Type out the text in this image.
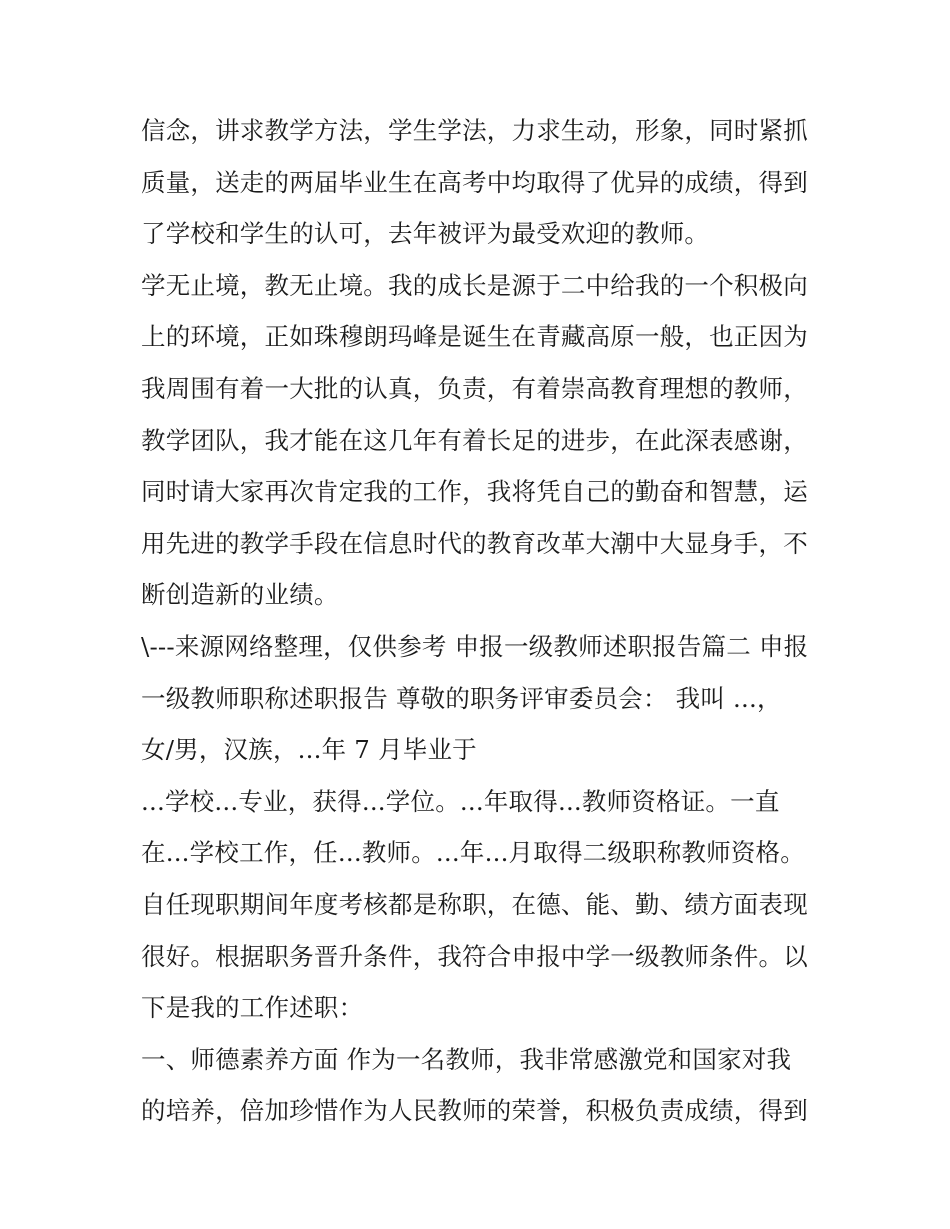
信念，讲求教学方法，学生学法，力求生动，形象，同时紧抓
质量，送走的两届毕业生在高考中均取得了优异的成绩，得到
了学校和学生的认可，去年被评为最受欢迎的教师。
学无止境，教无止境。我的成长是源于二中给我的一个积极向
上的环境，正如珠穆朗玛峰是诞生在青藏高原一般，也正因为
我周围有着一大批的认真，负责，有着崇高教育理想的教师，
教学团队，我才能在这几年有着长足的进步，在此深表感谢，
同时请大家再次肯定我的工作，我将凭自己的勤奋和智慧，运
用先进的教学手段在信息时代的教育改革大潮中大显身手，不
断创造新的业绩。
\---来源网络整理，仅供参考 申报一级教师述职报告篇二 申报
一级教师职称述职报告 尊敬的职务评审委员会： 我叫 ...，
女/男，汉族，...年 7 月毕业于
...学校...专业，获得...学位。...年取得...教师资格证。一直
在...学校工作，任...教师。...年...月取得二级职称教师资格。
自任现职期间年度考核都是称职，在德、能、勤、绩方面表现
很好。根据职务晋升条件，我符合申报中学一级教师条件。以
下是我的工作述职：
一、师德素养方面 作为一名教师，我非常感激党和国家对我
的培养，倍加珍惜作为人民教师的荣誉，积极负责成绩，得到
